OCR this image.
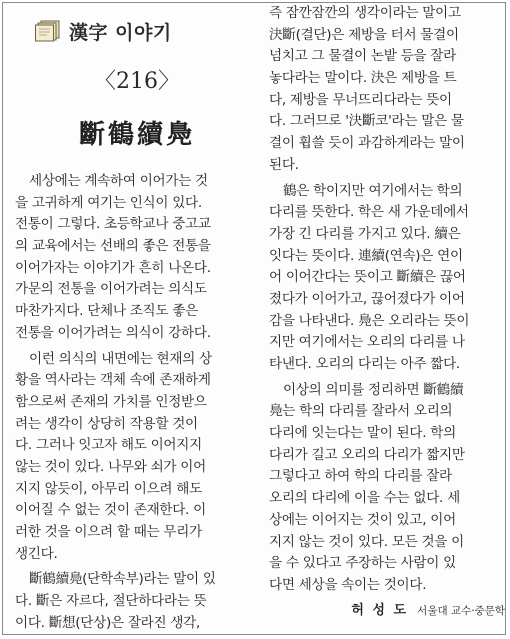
漢字 이야기
〈216〉
斷鶴續鳧
세상에는 계속하여 이어가는 것
을 고귀하게 여기는 인식이 있다.
전통이 그렇다. 초등학교나 중고교
의 교육에서는 선배의 좋은 전통을
이어가자는 이야기가 흔히 나온다.
가문의 전통을 이어가려는 의식도
마찬가지다. 단체나 조직도 좋은
전통을 이어가려는 의식이 강하다.
이런 의식의 내면에는 현재의 상
황을 역사라는 객체 속에 존재하게
함으로써 존재의 가치를 인정받으
려는 생각이 상당히 작용할 것이
다. 그러나 잇고자 해도 이어지지
않는 것이 있다. 나무와 쇠가 이어
지지 않듯이, 아무리 이으려 해도
이어질 수 없는 것이 존재한다. 이
러한 것을 이으려 할 때는 무리가
생긴다.
斷鶴續鳧(단학속부)라는 말이 있
다. 斷은 자르다, 절단하다라는 뜻
이다. 斷想(단상)은 잘라진 생각,
즉 잠깐잠깐의 생각이라는 말이고
決斷(결단)은 제방을 터서 물결이
넘치고 그 물결이 논밭 등을 잘라
놓다라는 말이다. 決은 제방을 트
다, 제방을 무너뜨리다라는 뜻이
다. 그러므로 '決斷코'라는 말은 물
결이 휩쓸 듯이 과감하게라는 말이
된다.
鶴은 학이지만 여기에서는 학의
다리를 뜻한다. 학은 새 가운데에서
가장 긴 다리를 가지고 있다. 續은
잇다는 뜻이다. 連續(연속)은 연이
어 이어간다는 뜻이고 斷續은 끊어
졌다가 이어가고, 끊어졌다가 이어
감을 나타낸다. 鳧은 오리라는 뜻이
지만 여기에서는 오리의 다리를 나
타낸다. 오리의 다리는 아주 짧다.
이상의 의미를 정리하면 斷鶴續
鳧는 학의 다리를 잘라서 오리의
다리에 잇는다는 말이 된다. 학의
다리가 길고 오리의 다리가 짧지만
그렇다고 하여 학의 다리를 잘라
오리의 다리에 이을 수는 없다. 세
상에는 이어지는 것이 있고, 이어
지지 않는 것이 있다. 모든 것을 이
을 수 있다고 주장하는 사람이 있
다면 세상을 속이는 것이다.
허 성 도 서울대 교수·중문학
